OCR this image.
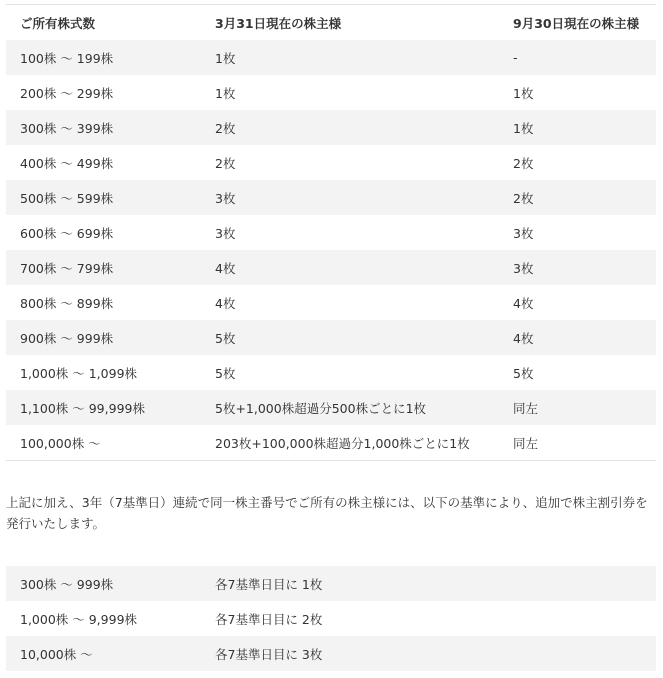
ご所有株式数	3月31日現在の株主様	9月30日現在の株主様
100株 ～ 199株	1枚	-
200株 ～ 299株	1枚	1枚
300株 ～ 399株	2枚	1枚
400株 ～ 499株	2枚	2枚
500株 ～ 599株	3枚	2枚
600株 ～ 699株	3枚	3枚
700株 ～ 799株	4枚	3枚
800株 ～ 899株	4枚	4枚
900株 ～ 999株	5枚	4枚
1,000株 ～ 1,099株	5枚	5枚
1,100株 ～ 99,999株	5枚+1,000株超過分500株ごとに1枚	同左
100,000株 ～	203枚+100,000株超過分1,000株ごとに1枚	同左

上記に加え、3年（7基準日）連続で同一株主番号でご所有の株主様には、以下の基準により、追加で株主割引券を発行いたします。

300株 ～ 999株	各7基準日目に 1枚
1,000株 ～ 9,999株	各7基準日目に 2枚
10,000株 ～	各7基準日目に 3枚
